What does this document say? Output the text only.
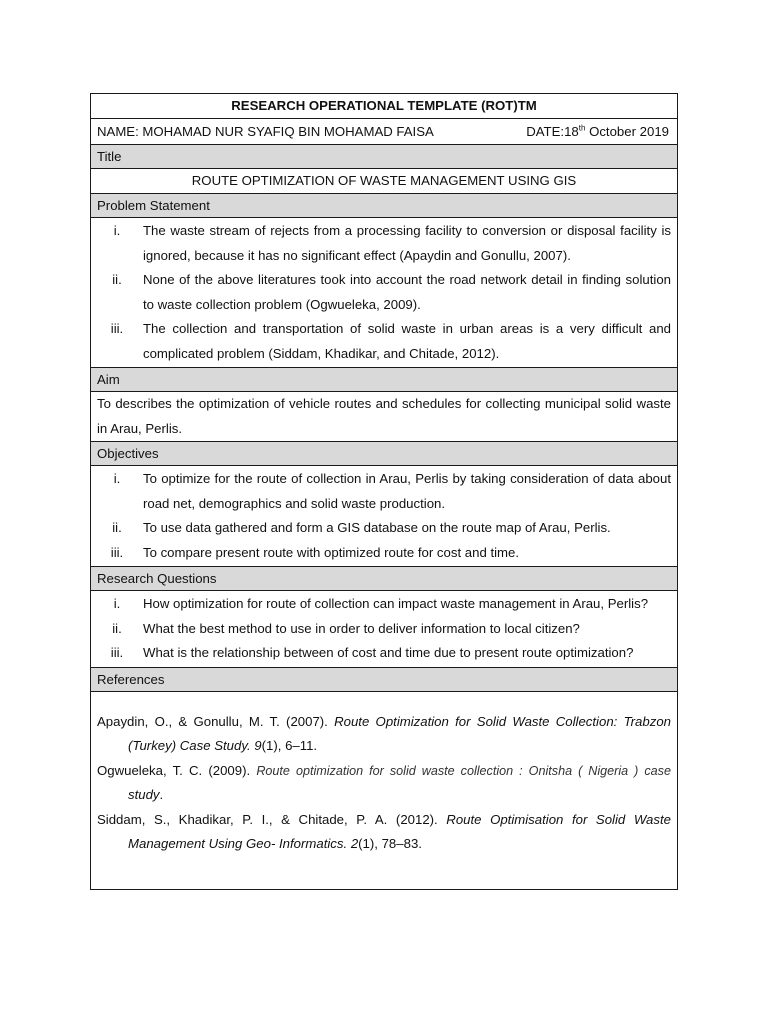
RESEARCH OPERATIONAL TEMPLATE (ROT)TM
NAME: MOHAMAD NUR SYAFIQ BIN MOHAMAD FAISA	DATE:18th October 2019
Title
ROUTE OPTIMIZATION OF WASTE MANAGEMENT USING GIS
Problem Statement
i.	The waste stream of rejects from a processing facility to conversion or disposal facility is ignored, because it has no significant effect (Apaydin and Gonullu, 2007).
ii.	None of the above literatures took into account the road network detail in finding solution to waste collection problem (Ogwueleka, 2009).
iii.	The collection and transportation of solid waste in urban areas is a very difficult and complicated problem (Siddam, Khadikar, and Chitade, 2012).
Aim
To describes the optimization of vehicle routes and schedules for collecting municipal solid waste in Arau, Perlis.
Objectives
i.	To optimize for the route of collection in Arau, Perlis by taking consideration of data about road net, demographics and solid waste production.
ii.	To use data gathered and form a GIS database on the route map of Arau, Perlis.
iii.	To compare present route with optimized route for cost and time.
Research Questions
i.	How optimization for route of collection can impact waste management in Arau, Perlis?
ii.	What the best method to use in order to deliver information to local citizen?
iii.	What is the relationship between of cost and time due to present route optimization?
References
Apaydin, O., & Gonullu, M. T. (2007). Route Optimization for Solid Waste Collection: Trabzon (Turkey) Case Study. 9(1), 6–11.
Ogwueleka, T. C. (2009). Route optimization for solid waste collection : Onitsha ( Nigeria ) case study.
Siddam, S., Khadikar, P. I., & Chitade, P. A. (2012). Route Optimisation for Solid Waste Management Using Geo- Informatics. 2(1), 78–83.
